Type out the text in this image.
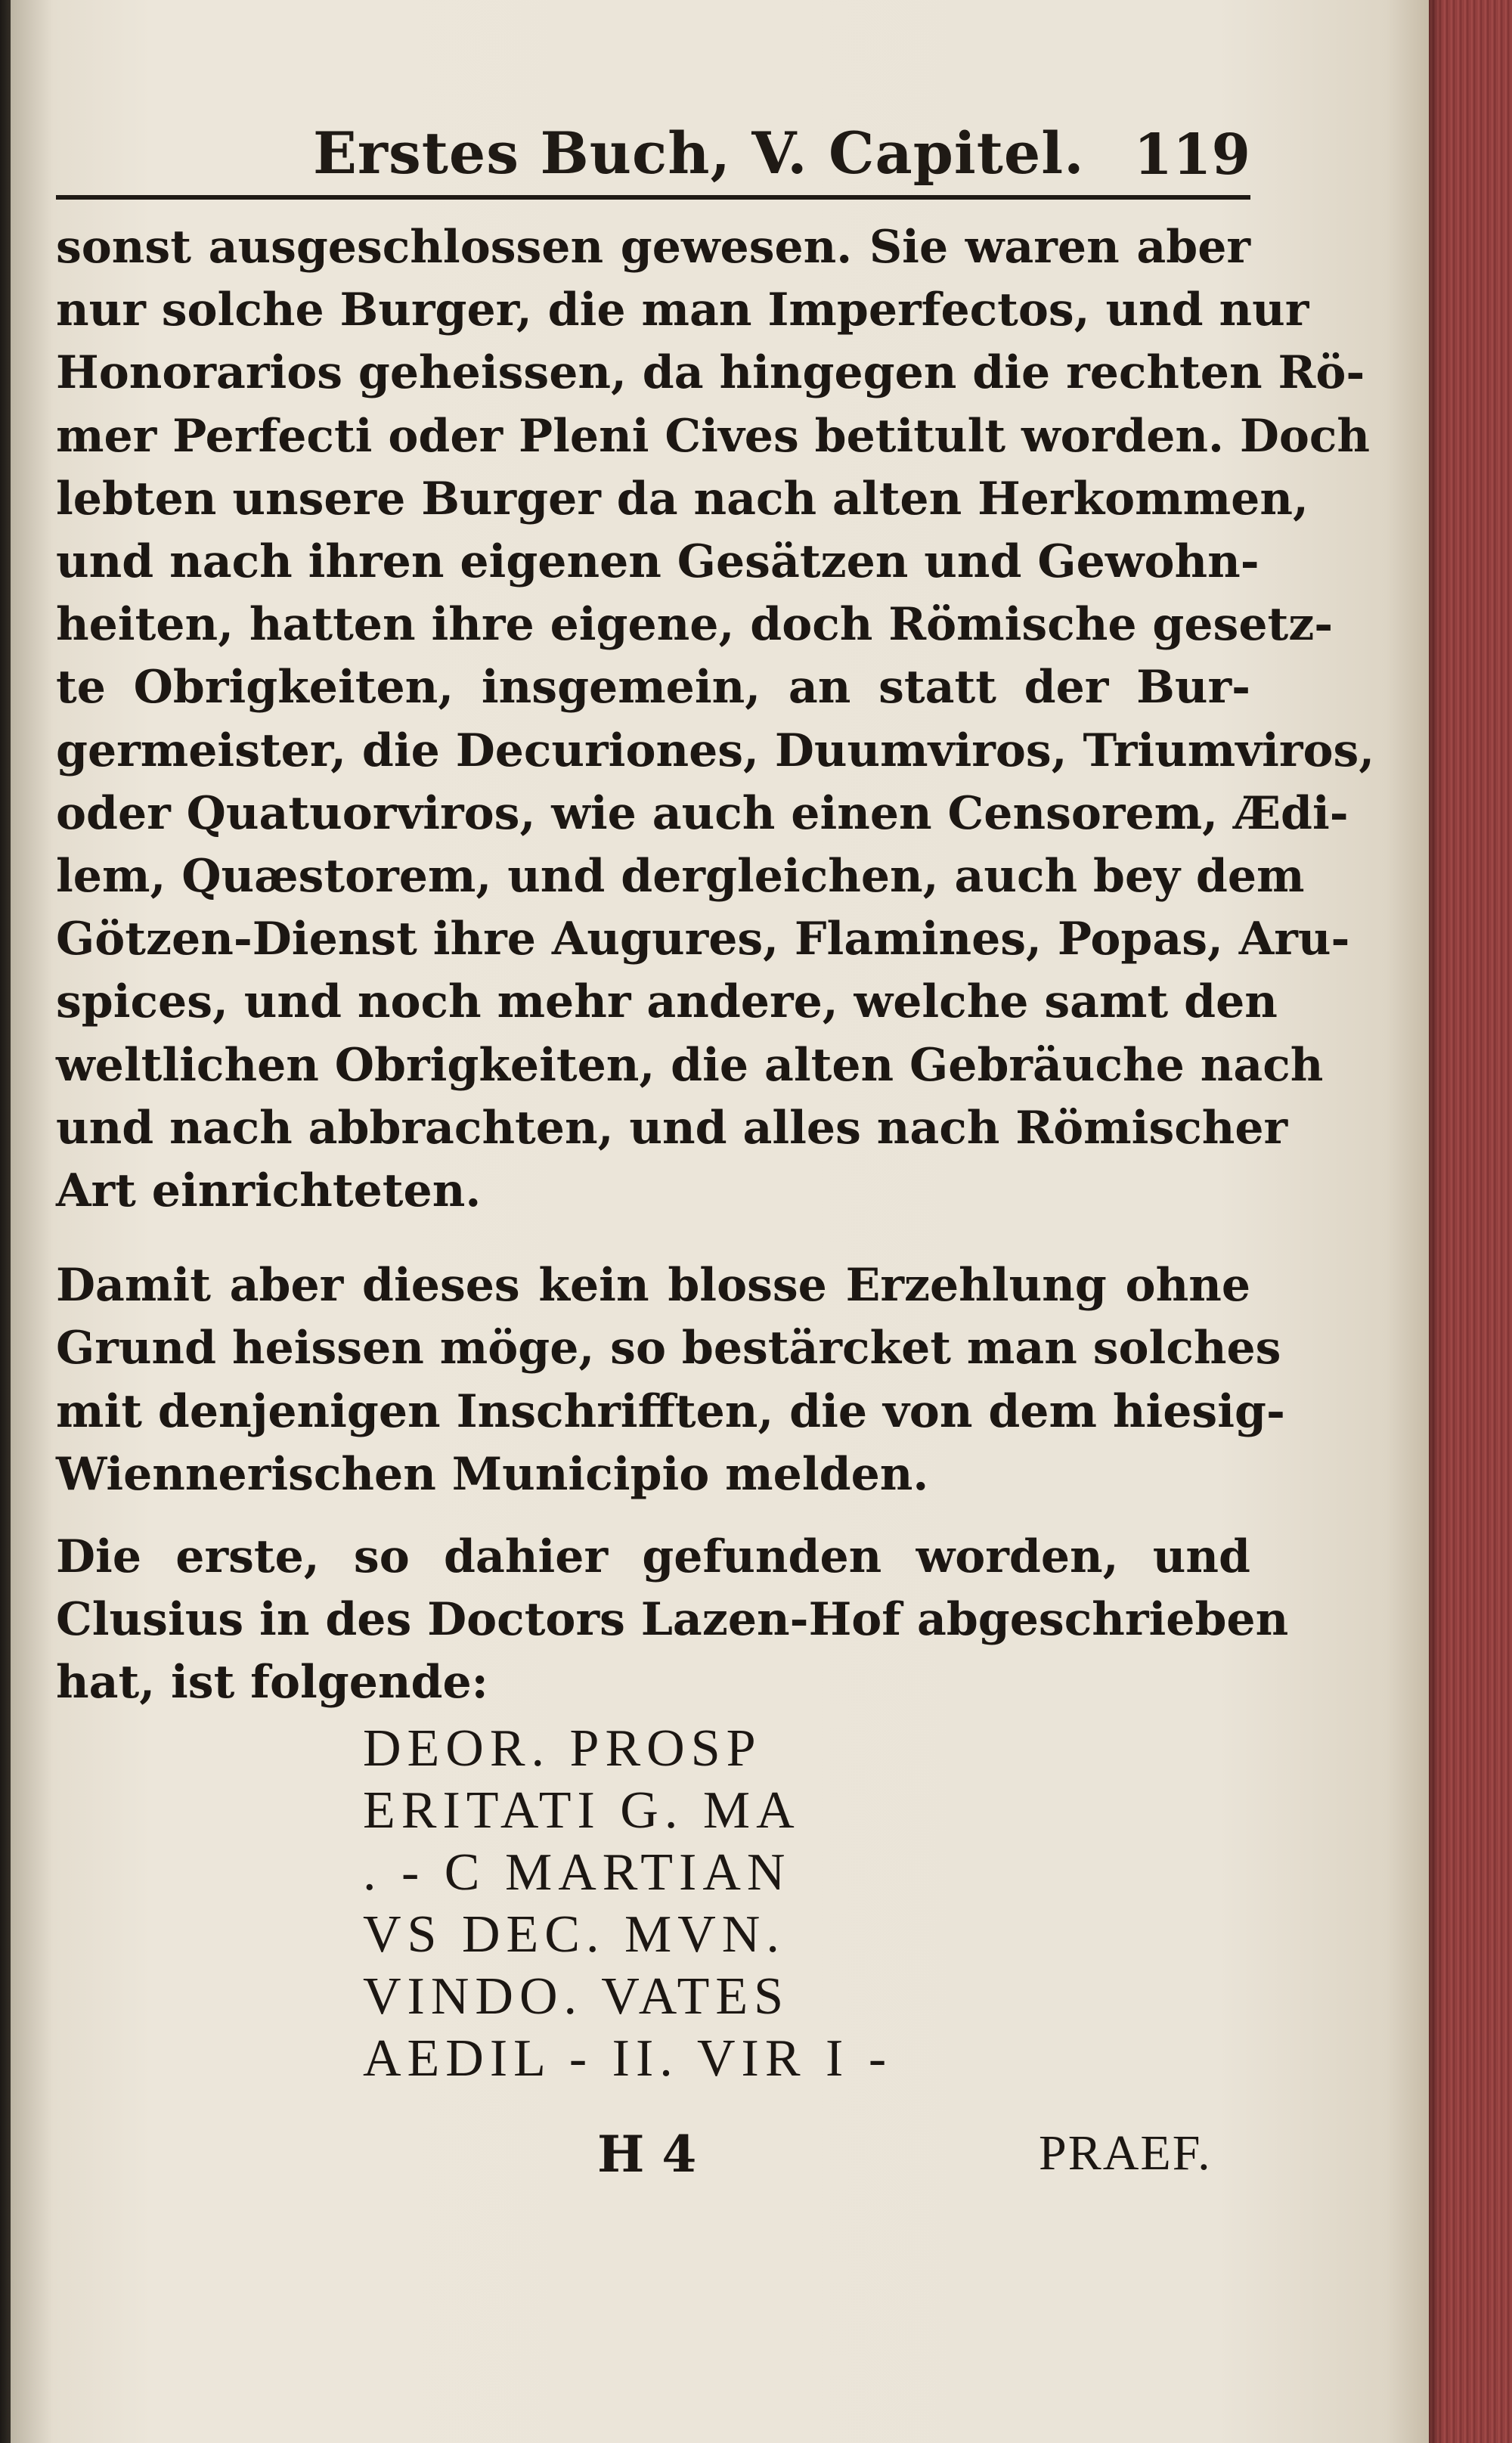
Erstes Buch, V. Capitel. 119
sonst ausgeschlossen gewesen. Sie waren aber
nur solche Burger, die man Imperfectos, und nur
Honorarios geheissen, da hingegen die rechten Rö-
mer Perfecti oder Pleni Cives betitult worden. Doch
lebten unsere Burger da nach alten Herkommen,
und nach ihren eigenen Gesätzen und Gewohn-
heiten, hatten ihre eigene, doch Römische gesetz-
te Obrigkeiten, insgemein, an statt der Bur-
germeister, die Decuriones, Duumviros, Triumviros,
oder Quatuorviros, wie auch einen Censorem, Ædi-
lem, Quæstorem, und dergleichen, auch bey dem
Götzen-Dienst ihre Augures, Flamines, Popas, Aru-
spices, und noch mehr andere, welche samt den
weltlichen Obrigkeiten, die alten Gebräuche nach
und nach abbrachten, und alles nach Römischer
Art einrichteten.
Damit aber dieses kein blosse Erzehlung ohne
Grund heissen möge, so bestärcket man solches
mit denjenigen Inschrifften, die von dem hiesig-
Wiennerischen Municipio melden.
Die erste, so dahier gefunden worden, und
Clusius in des Doctors Lazen-Hof abgeschrieben
hat, ist folgende:
DEOR. PROSP
ERITATI G. MA
. - C MARTIAN
VS DEC. MVN.
VINDO. VATES
AEDIL - II. VIR I -
H 4	PRAEF.
